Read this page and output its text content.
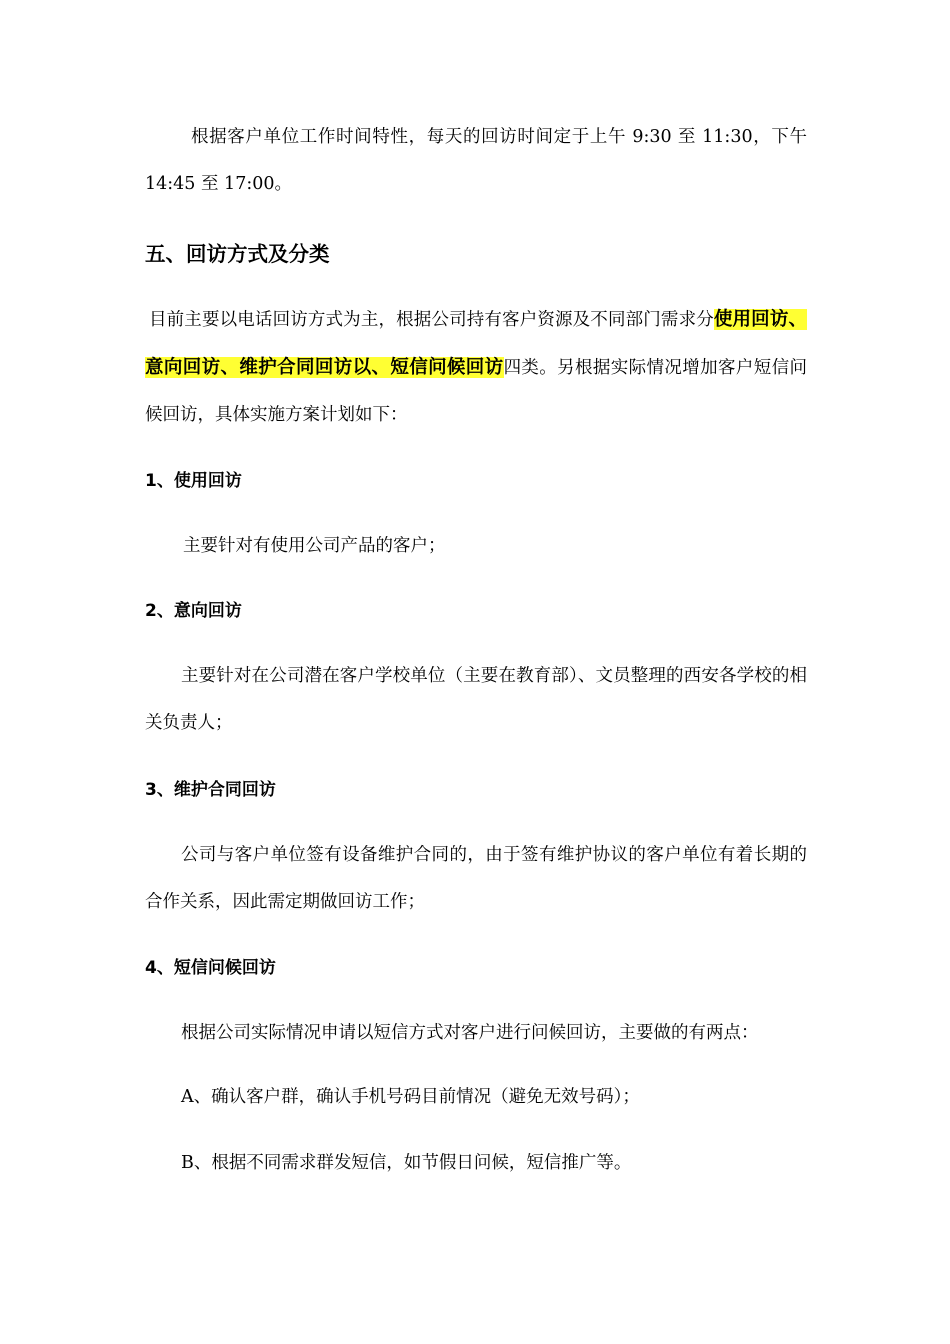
根据客户单位工作时间特性，每天的回访时间定于上午 9:30 至 11:30，下午 14:45 至 17:00。

五、回访方式及分类

目前主要以电话回访方式为主，根据公司持有客户资源及不同部门需求分使用回访、意向回访、维护合同回访以、短信问候回访四类。另根据实际情况增加客户短信问候回访，具体实施方案计划如下：

1、使用回访

主要针对有使用公司产品的客户；

2、意向回访

主要针对在公司潜在客户学校单位（主要在教育部）、文员整理的西安各学校的相关负责人；

3、维护合同回访

公司与客户单位签有设备维护合同的，由于签有维护协议的客户单位有着长期的合作关系，因此需定期做回访工作；

4、短信问候回访

根据公司实际情况申请以短信方式对客户进行问候回访，主要做的有两点：

A、确认客户群，确认手机号码目前情况（避免无效号码）；

B、根据不同需求群发短信，如节假日问候，短信推广等。
